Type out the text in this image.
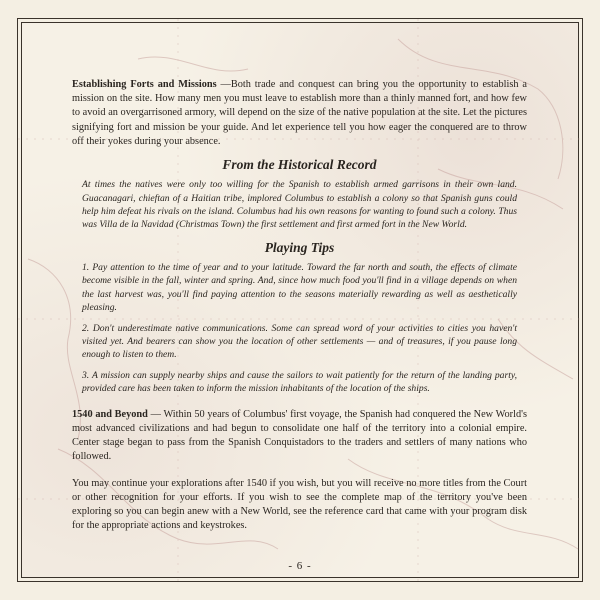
Establishing Forts and Missions —Both trade and conquest can bring you the opportunity to establish a mission on the site. How many men you must leave to establish more than a thinly manned fort, and how few to avoid an overgarrisoned armory, will depend on the size of the native population at the site. Let the pictures signifying fort and mission be your guide. And let experience tell you how eager the conquered are to throw off their yokes during your absence.

From the Historical Record

At times the natives were only too willing for the Spanish to establish armed garrisons in their own land. Guacanagari, chieftan of a Haitian tribe, implored Columbus to establish a colony so that Spanish guns could help him defeat his rivals on the island. Columbus had his own reasons for wanting to found such a colony. Thus was Villa de la Navidad (Christmas Town) the first settlement and first armed fort in the New World.

Playing Tips

1. Pay attention to the time of year and to your latitude. Toward the far north and south, the effects of climate become visible in the fall, winter and spring. And, since how much food you'll find in a village depends on when the last harvest was, you'll find paying attention to the seasons materially rewarding as well as aesthetically pleasing.

2. Don't underestimate native communications. Some can spread word of your activities to cities you haven't visited yet. And bearers can show you the location of other settlements — and of treasures, if you pause long enough to listen to them.

3. A mission can supply nearby ships and cause the sailors to wait patiently for the return of the landing party, provided care has been taken to inform the mission inhabitants of the location of the ships.

1540 and Beyond — Within 50 years of Columbus' first voyage, the Spanish had conquered the New World's most advanced civilizations and had begun to consolidate one half of the territory into a colonial empire. Center stage began to pass from the Spanish Conquistadors to the traders and settlers of many nations who followed.

You may continue your explorations after 1540 if you wish, but you will receive no more titles from the Court or other recognition for your efforts. If you wish to see the complete map of the territory you've been exploring so you can begin anew with a New World, see the reference card that came with your program disk for the appropriate actions and keystrokes.

- 6 -
